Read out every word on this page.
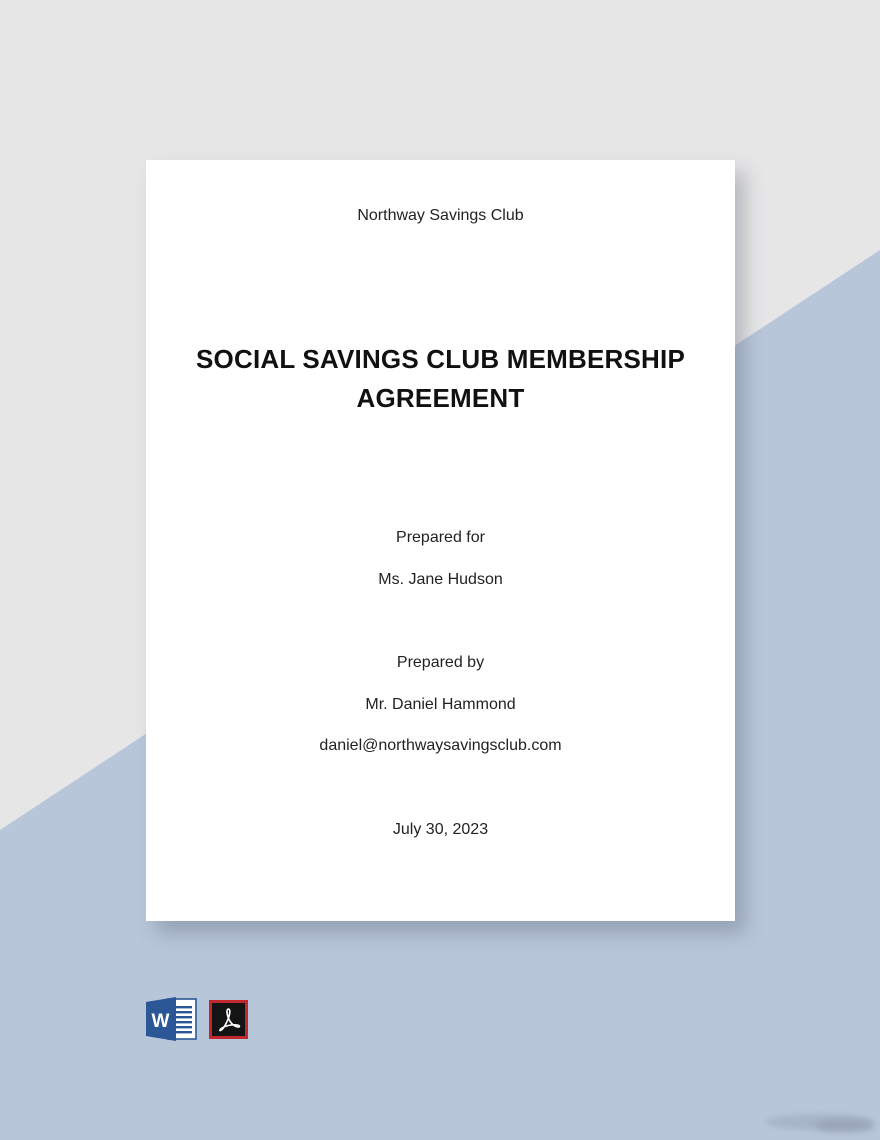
Northway Savings Club
SOCIAL SAVINGS CLUB MEMBERSHIP
AGREEMENT
Prepared for
Ms. Jane Hudson
Prepared by
Mr. Daniel Hammond
daniel@northwaysavingsclub.com
July 30, 2023
W
